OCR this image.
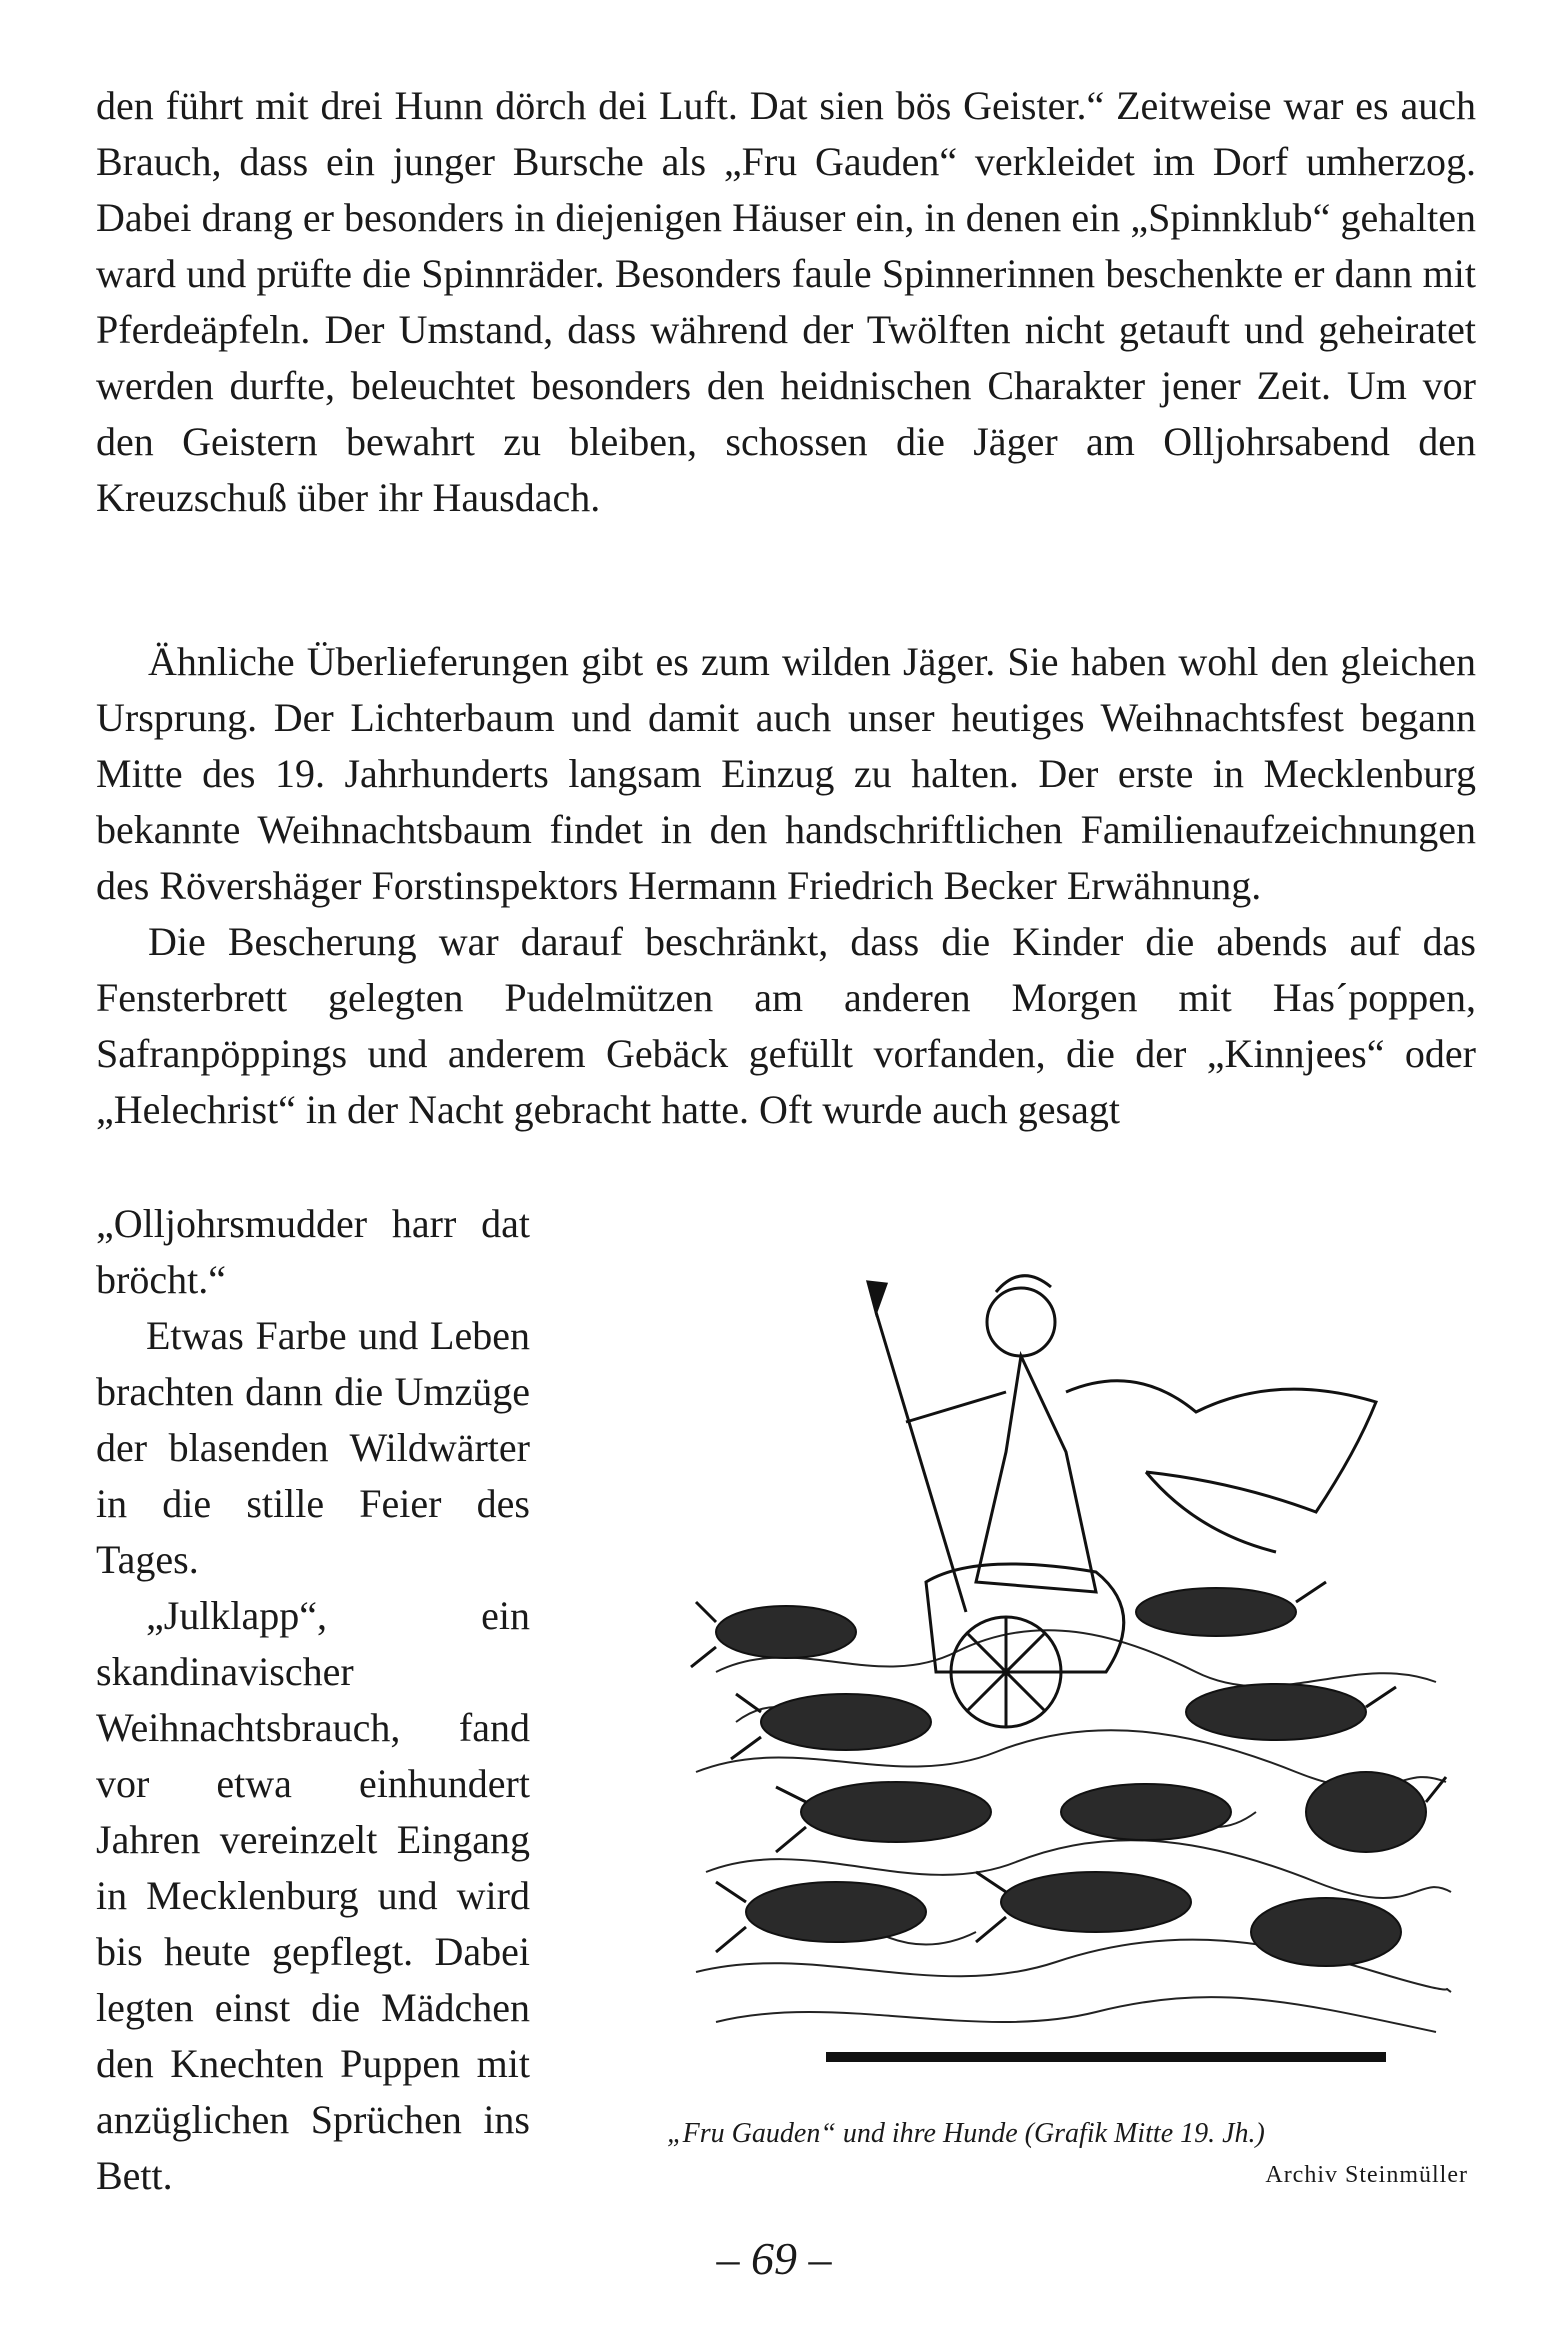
den führt mit drei Hunn dörch dei Luft. Dat sien bös Geister.“ Zeitweise war es auch Brauch, dass ein junger Bursche als „Fru Gauden“ verkleidet im Dorf umherzog. Dabei drang er besonders in diejenigen Häuser ein, in denen ein „Spinnklub“ gehalten ward und prüfte die Spinnräder. Besonders faule Spinnerinnen beschenkte er dann mit Pferdeäpfeln. Der Umstand, dass während der Twölften nicht getauft und geheiratet werden durfte, beleuchtet besonders den heidnischen Charakter jener Zeit. Um vor den Geistern bewahrt zu bleiben, schossen die Jäger am Olljohrsabend den Kreuzschuß über ihr Hausdach.

Ähnliche Überlieferungen gibt es zum wilden Jäger. Sie haben wohl den gleichen Ursprung. Der Lichterbaum und damit auch unser heutiges Weihnachtsfest begann Mitte des 19. Jahrhunderts langsam Einzug zu halten. Der erste in Mecklenburg bekannte Weihnachtsbaum findet in den handschriftlichen Familienaufzeichnungen des Rövershäger Forstinspektors Hermann Friedrich Becker Erwähnung.

Die Bescherung war darauf beschränkt, dass die Kinder die abends auf das Fensterbrett gelegten Pudelmützen am anderen Morgen mit Has´poppen, Safranpöppings und anderem Gebäck gefüllt vorfanden, die der „Kinnjees“ oder „Helechrist“ in der Nacht gebracht hatte. Oft wurde auch gesagt

„Olljohrsmudder harr dat bröcht.“

Etwas Farbe und Leben brachten dann die Umzüge der blasenden Wildwärter in die stille Feier des Tages.

„Julklapp“, ein skandinavischer Weihnachtsbrauch, fand vor etwa einhundert Jahren vereinzelt Eingang in Mecklenburg und wird bis heute gepflegt. Dabei legten einst die Mädchen den Knechten Puppen mit anzüglichen Sprüchen ins Bett.

„Fru Gauden“ und ihre Hunde (Grafik Mitte 19. Jh.)
Archiv Steinmüller
– 69 –
